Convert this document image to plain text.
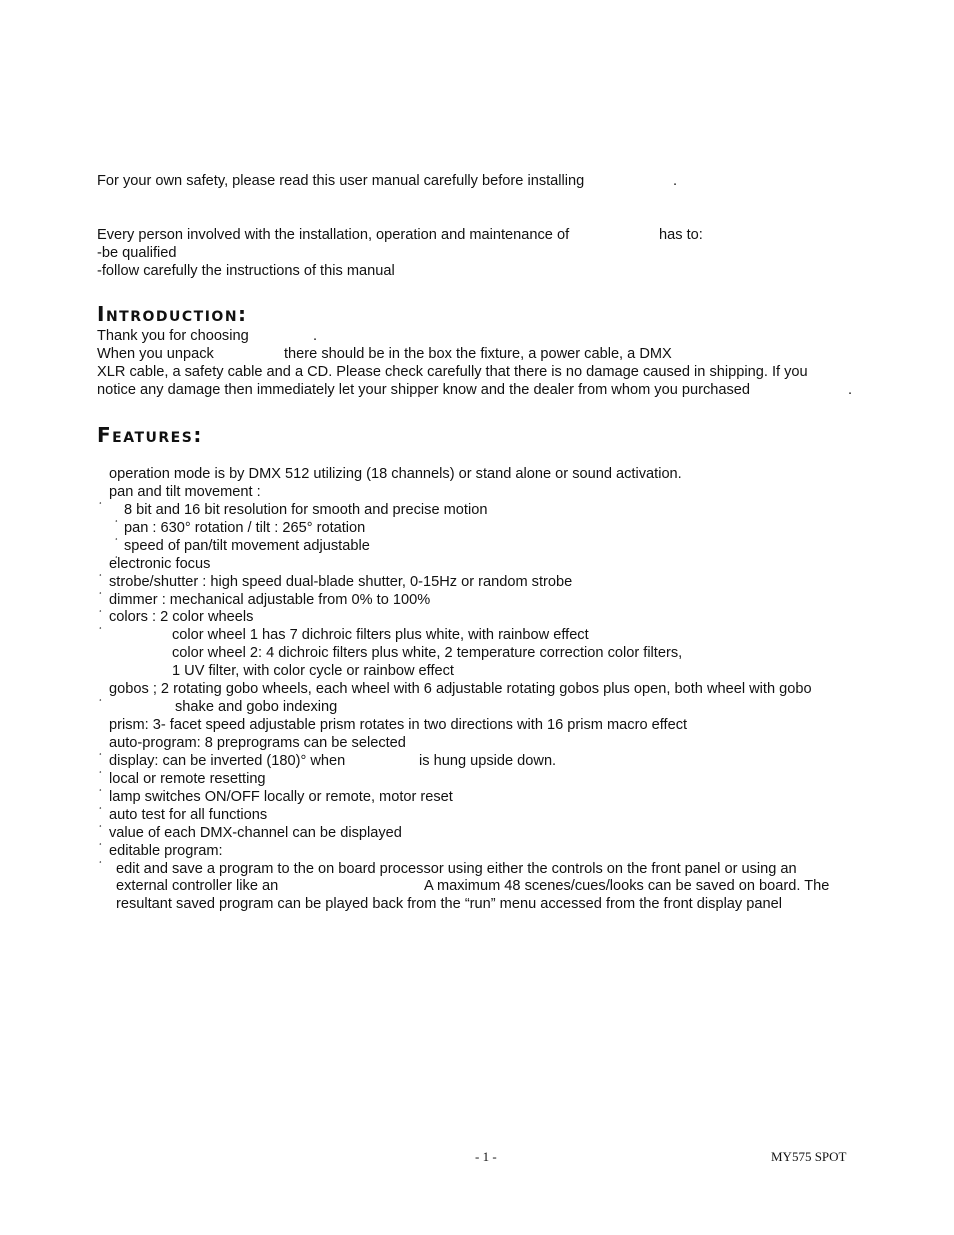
For your own safety, please read this user manual carefully before installing	.
Every person involved with the installation, operation and maintenance of	has to:
-be qualified
-follow carefully the instructions of this manual
Introduction:
Thank you for choosing	.
When you unpack	there should be in the box the fixture, a power cable, a DMX
XLR cable, a safety cable and a CD. Please check carefully that there is no damage caused in shipping. If you
notice any damage then immediately let your shipper know and the dealer from whom you purchased	.
Features:
operation mode is by DMX 512 utilizing (18 channels) or stand alone or sound activation.
¸ pan and tilt movement :
¸ 8 bit and 16 bit resolution for smooth and precise motion
¸ pan : 630° rotation / tilt : 265° rotation
¸ speed of pan/tilt movement adjustable
¸ electronic focus
¸ strobe/shutter : high speed dual-blade shutter, 0-15Hz or random strobe
¸ dimmer : mechanical adjustable from 0% to 100%
¸ colors : 2 color wheels
color wheel 1 has 7 dichroic filters plus white, with rainbow effect
color wheel 2: 4 dichroic filters plus white, 2 temperature correction color filters,
1 UV filter, with color cycle or rainbow effect
¸ gobos ; 2 rotating gobo wheels, each wheel with 6 adjustable rotating gobos plus open, both wheel with gobo
shake and gobo indexing
prism: 3- facet speed adjustable prism rotates in two directions with 16 prism macro effect
¸ auto-program: 8 preprograms can be selected
¸ display: can be inverted (180)° when	is hung upside down.
¸ local or remote resetting
¸ lamp switches ON/OFF locally or remote, motor reset
¸ auto test for all functions
¸ value of each DMX-channel can be displayed
¸ editable program:
edit and save a program to the on board processor using either the controls on the front panel or using an
external controller like an	A maximum 48 scenes/cues/looks can be saved on board. The
resultant saved program can be played back from the “run” menu accessed from the front display panel
- 1 -	MY575 SPOT
